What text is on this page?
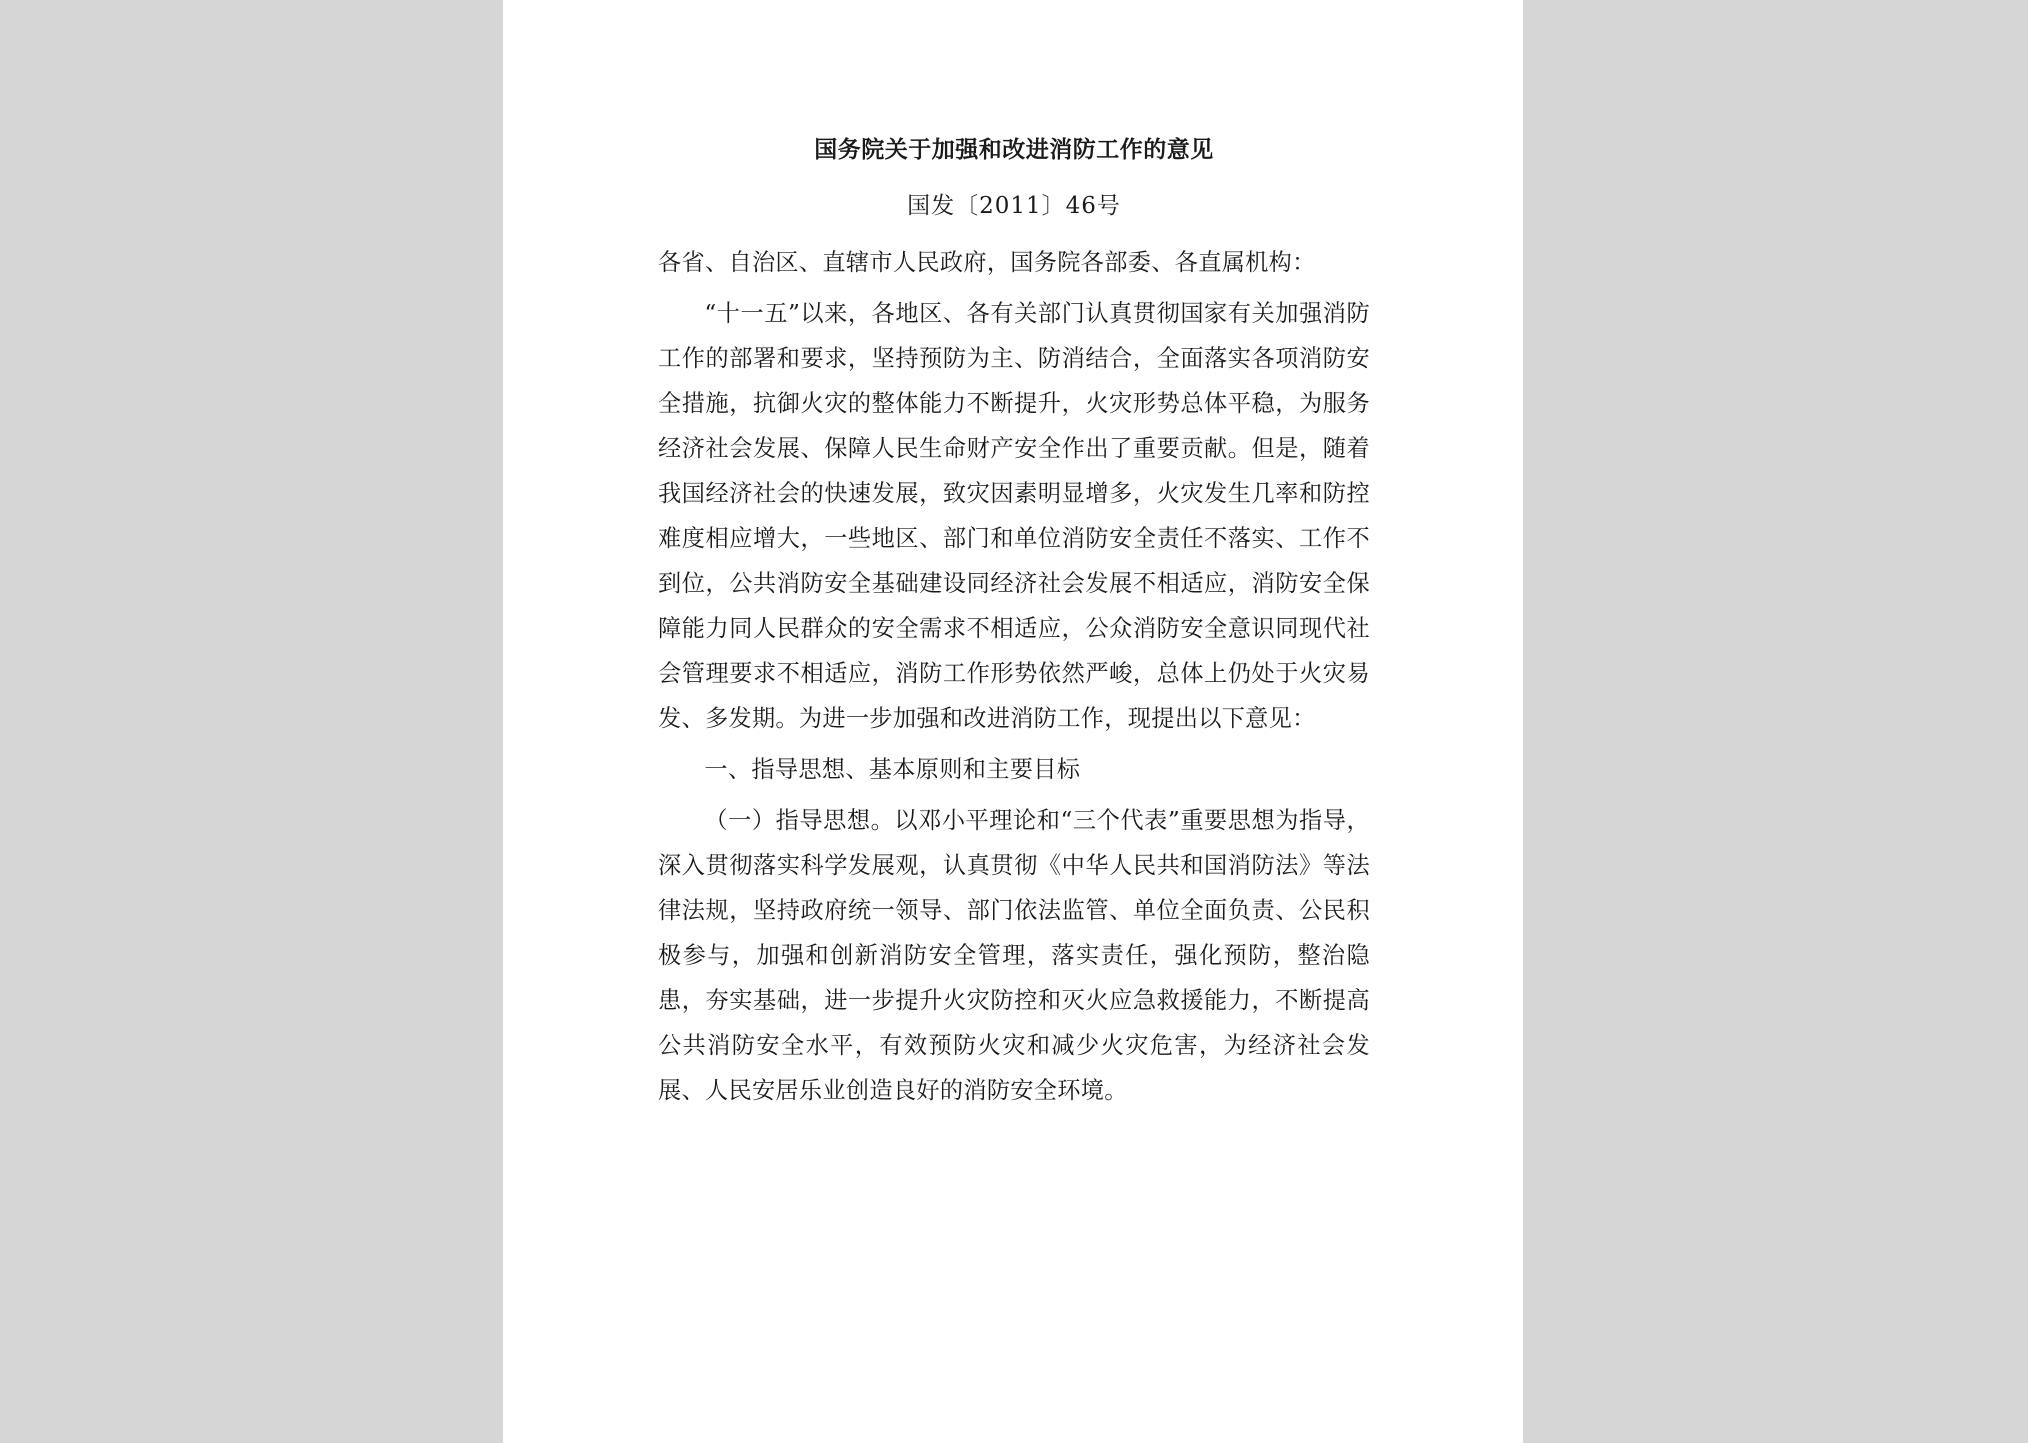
国务院关于加强和改进消防工作的意见

国发〔2011〕46号

各省、自治区、直辖市人民政府，国务院各部委、各直属机构：

“十一五”以来，各地区、各有关部门认真贯彻国家有关加强消防工作的部署和要求，坚持预防为主、防消结合，全面落实各项消防安全措施，抗御火灾的整体能力不断提升，火灾形势总体平稳，为服务经济社会发展、保障人民生命财产安全作出了重要贡献。但是，随着我国经济社会的快速发展，致灾因素明显增多，火灾发生几率和防控难度相应增大，一些地区、部门和单位消防安全责任不落实、工作不到位，公共消防安全基础建设同经济社会发展不相适应，消防安全保障能力同人民群众的安全需求不相适应，公众消防安全意识同现代社会管理要求不相适应，消防工作形势依然严峻，总体上仍处于火灾易发、多发期。为进一步加强和改进消防工作，现提出以下意见：

一、指导思想、基本原则和主要目标

（一）指导思想。以邓小平理论和“三个代表”重要思想为指导，深入贯彻落实科学发展观，认真贯彻《中华人民共和国消防法》等法律法规，坚持政府统一领导、部门依法监管、单位全面负责、公民积极参与，加强和创新消防安全管理，落实责任，强化预防，整治隐患，夯实基础，进一步提升火灾防控和灭火应急救援能力，不断提高公共消防安全水平，有效预防火灾和减少火灾危害，为经济社会发展、人民安居乐业创造良好的消防安全环境。
